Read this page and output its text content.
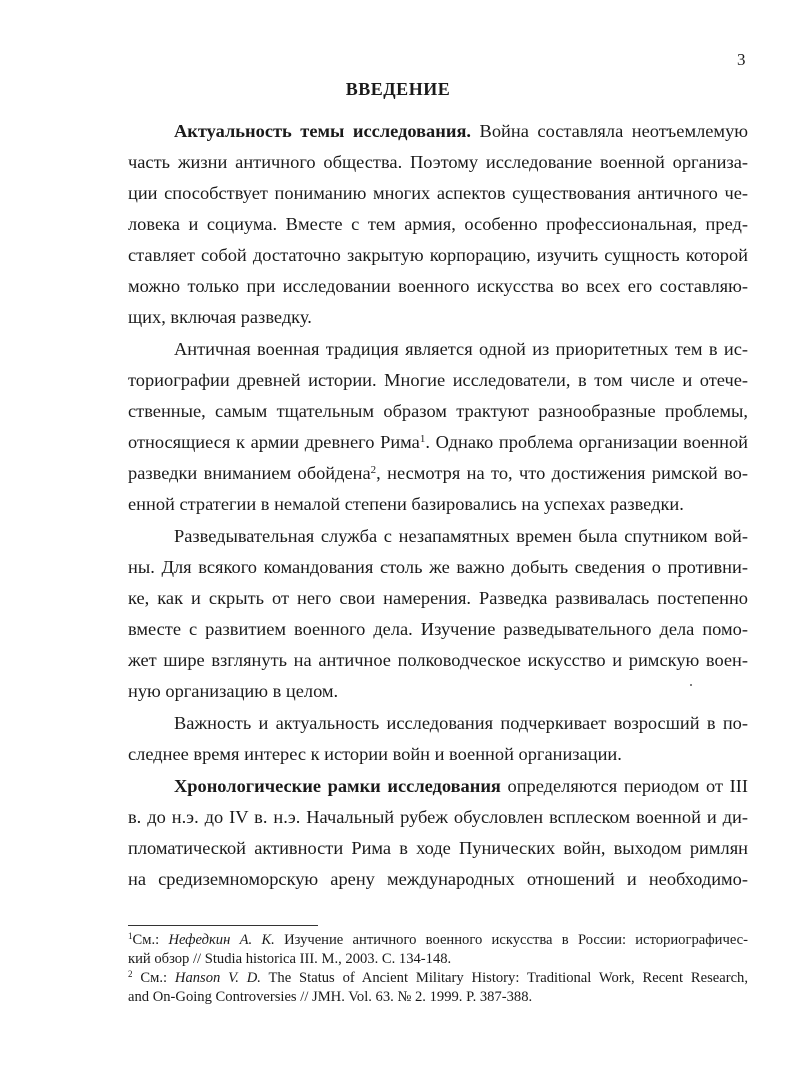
3
ВВЕДЕНИЕ
Актуальность темы исследования. Война составляла неотъемлемую
часть жизни античного общества. Поэтому исследование военной организа-
ции способствует пониманию многих аспектов существования античного че-
ловека и социума. Вместе с тем армия, особенно профессиональная, пред-
ставляет собой достаточно закрытую корпорацию, изучить сущность которой
можно только при исследовании военного искусства во всех его составляю-
щих, включая разведку.
Античная военная традиция является одной из приоритетных тем в ис-
ториографии древней истории. Многие исследователи, в том числе и отече-
ственные, самым тщательным образом трактуют разнообразные проблемы,
относящиеся к армии древнего Рима$^1$. Однако проблема организации военной
разведки вниманием обойдена$^2$, несмотря на то, что достижения римской во-
енной стратегии в немалой степени базировались на успехах разведки.
Разведывательная служба с незапамятных времен была спутником вой-
ны. Для всякого командования столь же важно добыть сведения о противни-
ке, как и скрыть от него свои намерения. Разведка развивалась постепенно
вместе с развитием военного дела. Изучение разведывательного дела помо-
жет шире взглянуть на античное полководческое искусство и римскую воен-
ную организацию в целом.
Важность и актуальность исследования подчеркивает возросший в по-
следнее время интерес к истории войн и военной организации.
Хронологические рамки исследования определяются периодом от III
в. до н.э. до IV в. н.э. Начальный рубеж обусловлен всплеском военной и ди-
пломатической активности Рима в ходе Пунических войн, выходом римлян
на средиземноморскую арену международных отношений и необходимо-
$^1$См.: Нефедкин А. К. Изучение античного военного искусства в России: историографичес-
кий обзор // Studia historica III. М., 2003. С. 134-148.
$^2$ См.: Hanson V. D. The Status of Ancient Military History: Traditional Work, Recent Research,
and On-Going Controversies // JMH. Vol. 63. № 2. 1999. P. 387-388.
